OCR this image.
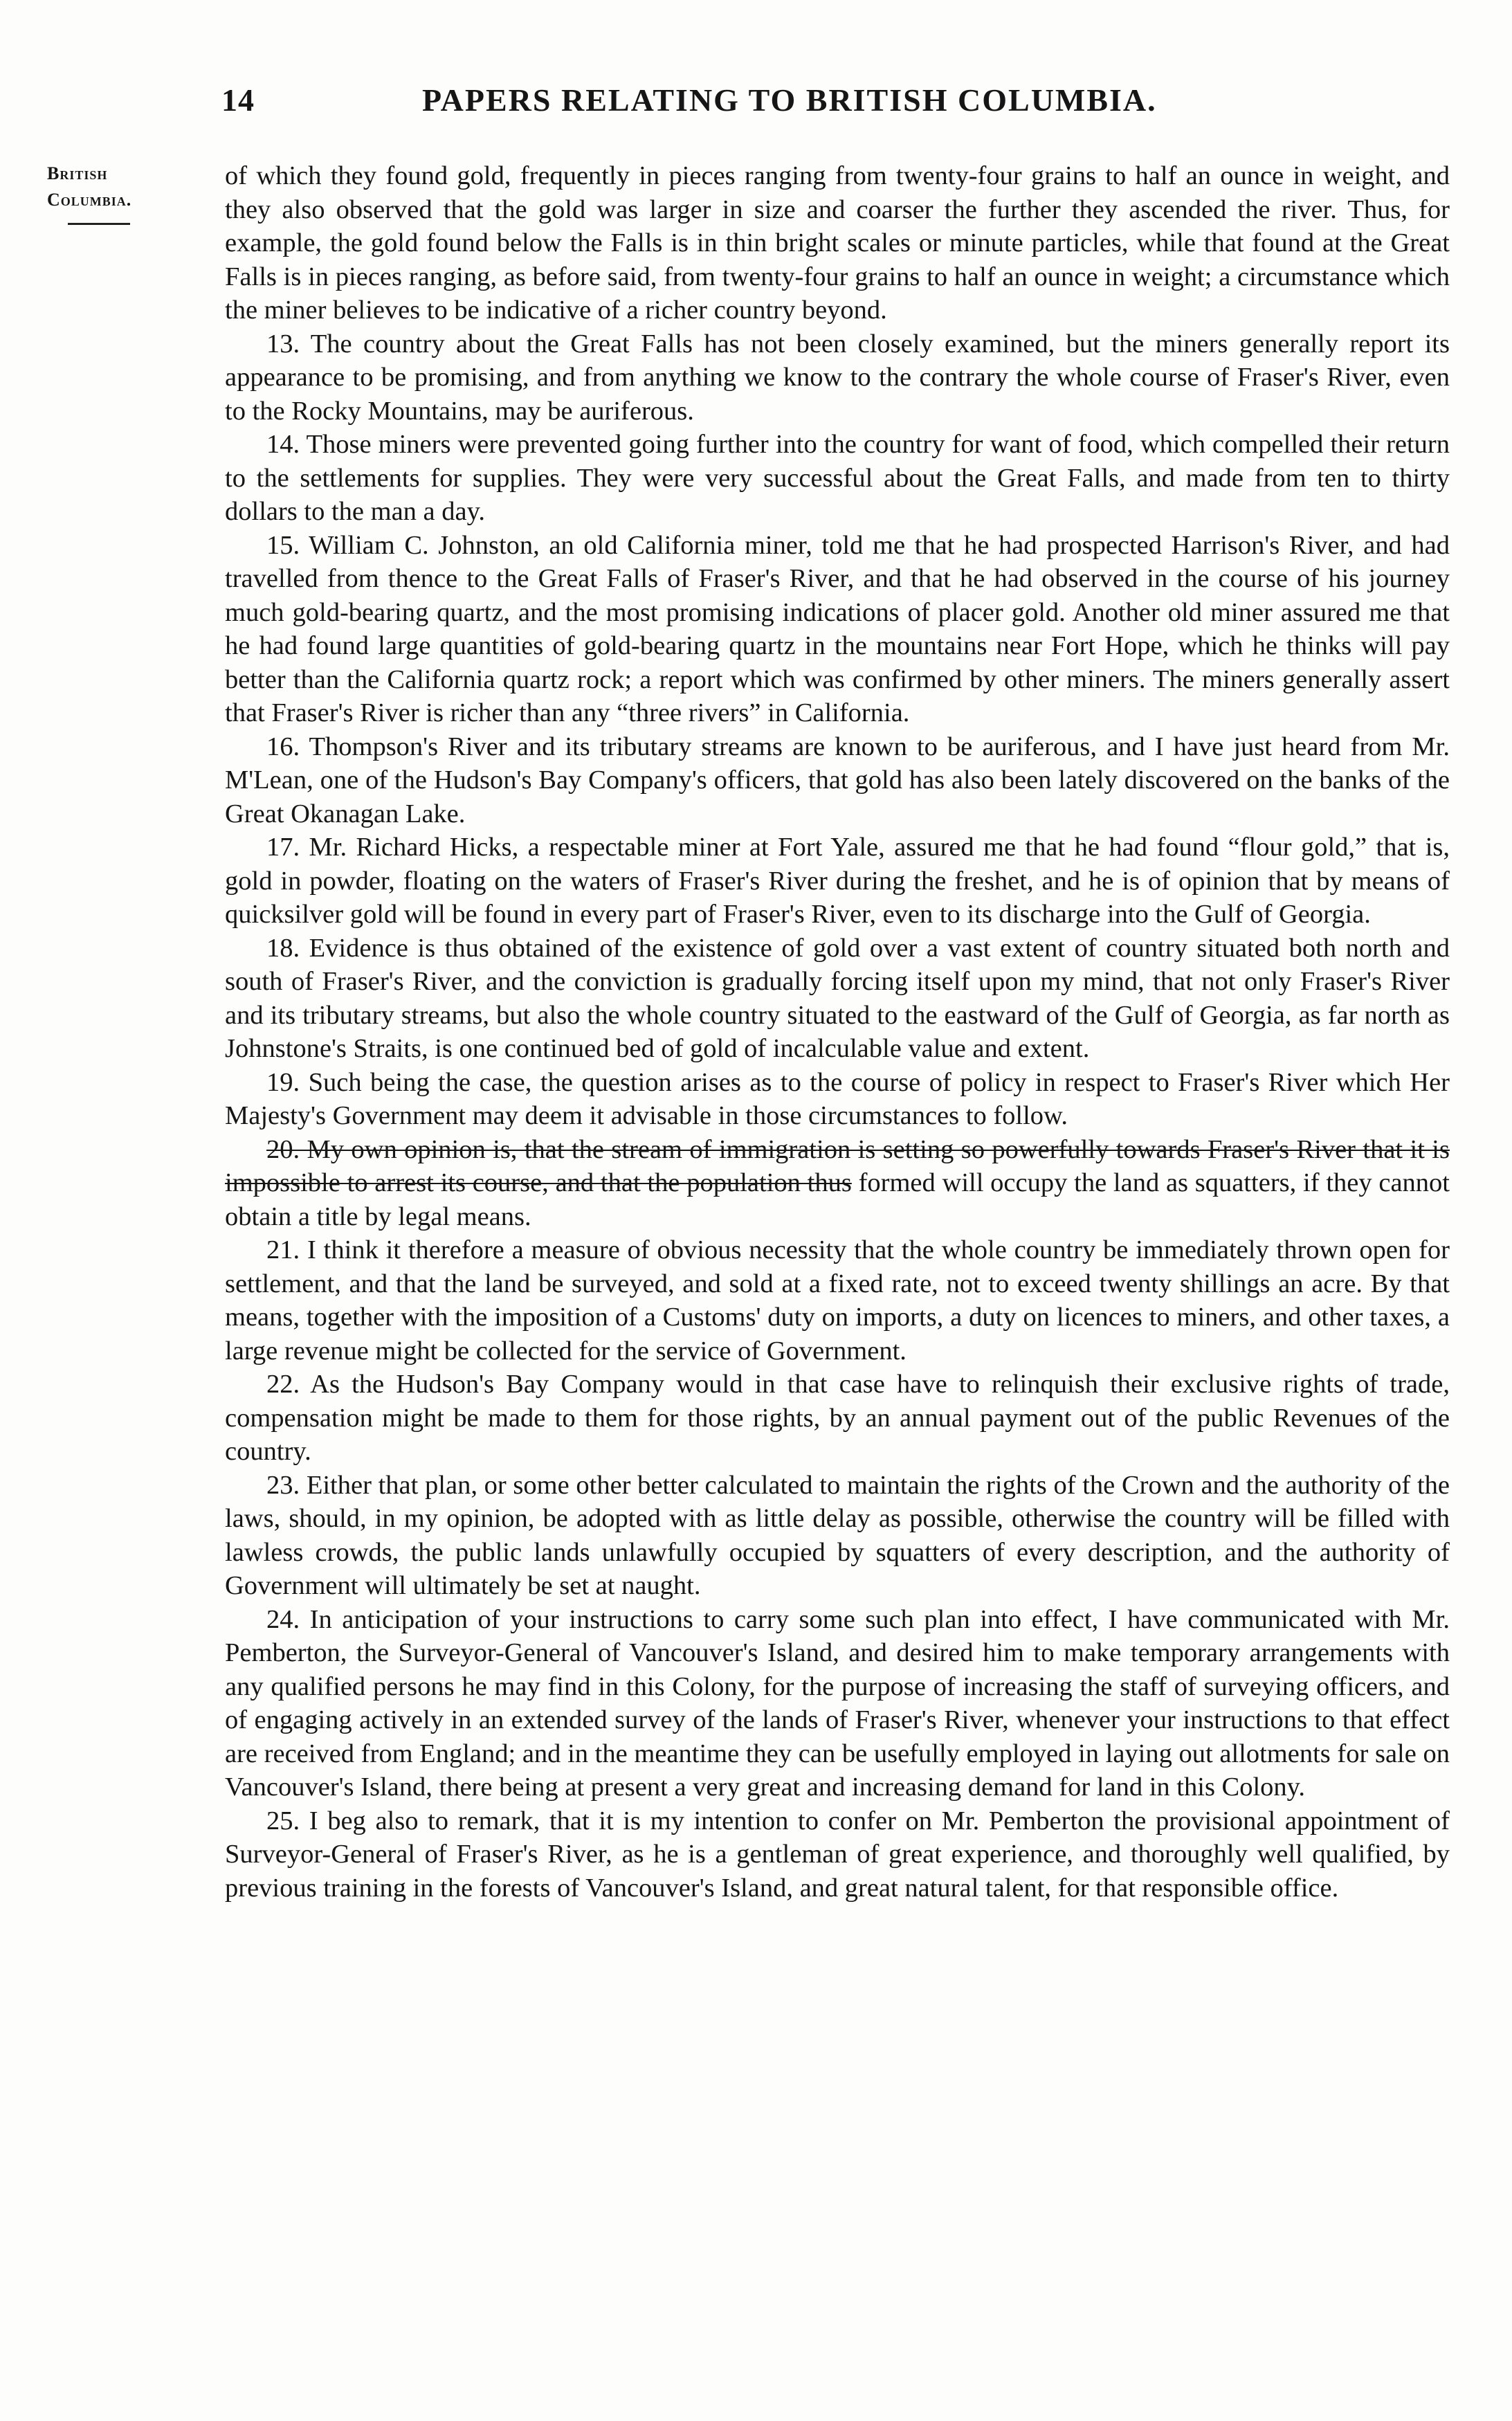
14	PAPERS RELATING TO BRITISH COLUMBIA.
British
Columbia.

of which they found gold, frequently in pieces ranging from twenty-four grains to half an ounce in weight, and they also observed that the gold was larger in size and coarser the further they ascended the river. Thus, for example, the gold found below the Falls is in thin bright scales or minute particles, while that found at the Great Falls is in pieces ranging, as before said, from twenty-four grains to half an ounce in weight; a circumstance which the miner believes to be indicative of a richer country beyond.

13. The country about the Great Falls has not been closely examined, but the miners generally report its appearance to be promising, and from anything we know to the contrary the whole course of Fraser's River, even to the Rocky Mountains, may be auriferous.

14. Those miners were prevented going further into the country for want of food, which compelled their return to the settlements for supplies. They were very successful about the Great Falls, and made from ten to thirty dollars to the man a day.

15. William C. Johnston, an old California miner, told me that he had prospected Harrison's River, and had travelled from thence to the Great Falls of Fraser's River, and that he had observed in the course of his journey much gold-bearing quartz, and the most promising indications of placer gold. Another old miner assured me that he had found large quantities of gold-bearing quartz in the mountains near Fort Hope, which he thinks will pay better than the California quartz rock; a report which was confirmed by other miners. The miners generally assert that Fraser's River is richer than any “three rivers” in California.

16. Thompson's River and its tributary streams are known to be auriferous, and I have just heard from Mr. M'Lean, one of the Hudson's Bay Company's officers, that gold has also been lately discovered on the banks of the Great Okanagan Lake.

17. Mr. Richard Hicks, a respectable miner at Fort Yale, assured me that he had found “flour gold,” that is, gold in powder, floating on the waters of Fraser's River during the freshet, and he is of opinion that by means of quicksilver gold will be found in every part of Fraser's River, even to its discharge into the Gulf of Georgia.

18. Evidence is thus obtained of the existence of gold over a vast extent of country situated both north and south of Fraser's River, and the conviction is gradually forcing itself upon my mind, that not only Fraser's River and its tributary streams, but also the whole country situated to the eastward of the Gulf of Georgia, as far north as Johnstone's Straits, is one continued bed of gold of incalculable value and extent.

19. Such being the case, the question arises as to the course of policy in respect to Fraser's River which Her Majesty's Government may deem it advisable in those circumstances to follow.

20. My own opinion is, that the stream of immigration is setting so powerfully towards Fraser's River that it is impossible to arrest its course, and that the population thus formed will occupy the land as squatters, if they cannot obtain a title by legal means.

21. I think it therefore a measure of obvious necessity that the whole country be immediately thrown open for settlement, and that the land be surveyed, and sold at a fixed rate, not to exceed twenty shillings an acre. By that means, together with the imposition of a Customs' duty on imports, a duty on licences to miners, and other taxes, a large revenue might be collected for the service of Government.

22. As the Hudson's Bay Company would in that case have to relinquish their exclusive rights of trade, compensation might be made to them for those rights, by an annual payment out of the public Revenues of the country.

23. Either that plan, or some other better calculated to maintain the rights of the Crown and the authority of the laws, should, in my opinion, be adopted with as little delay as possible, otherwise the country will be filled with lawless crowds, the public lands unlawfully occupied by squatters of every description, and the authority of Government will ultimately be set at naught.

24. In anticipation of your instructions to carry some such plan into effect, I have communicated with Mr. Pemberton, the Surveyor-General of Vancouver's Island, and desired him to make temporary arrangements with any qualified persons he may find in this Colony, for the purpose of increasing the staff of surveying officers, and of engaging actively in an extended survey of the lands of Fraser's River, whenever your instructions to that effect are received from England; and in the meantime they can be usefully employed in laying out allotments for sale on Vancouver's Island, there being at present a very great and increasing demand for land in this Colony.

25. I beg also to remark, that it is my intention to confer on Mr. Pemberton the provisional appointment of Surveyor-General of Fraser's River, as he is a gentleman of great experience, and thoroughly well qualified, by previous training in the forests of Vancouver's Island, and great natural talent, for that responsible office.
